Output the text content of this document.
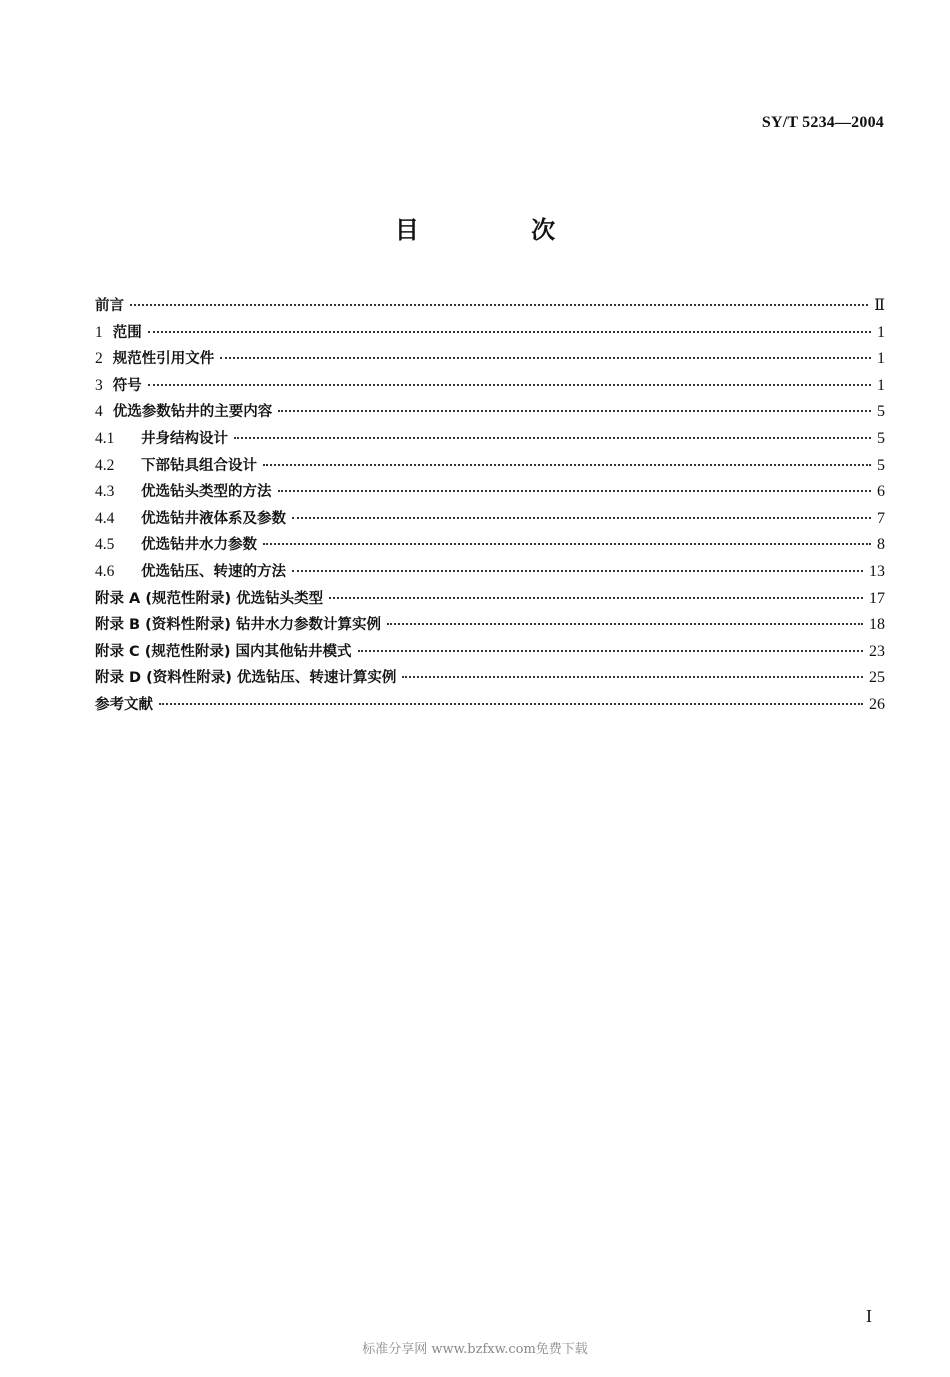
SY/T 5234—2004
目 次
前言	Ⅱ
1 范围	1
2 规范性引用文件	1
3 符号	1
4 优选参数钻井的主要内容	5
4.1	井身结构设计	5
4.2	下部钻具组合设计	5
4.3	优选钻头类型的方法	6
4.4	优选钻井液体系及参数	7
4.5	优选钻井水力参数	8
4.6	优选钻压、转速的方法	13
附录 A (规范性附录) 优选钻头类型	17
附录 B (资料性附录) 钻井水力参数计算实例	18
附录 C (规范性附录) 国内其他钻井模式	23
附录 D (资料性附录) 优选钻压、转速计算实例	25
参考文献	26
I
标准分享网 www.bzfxw.com免费下载
